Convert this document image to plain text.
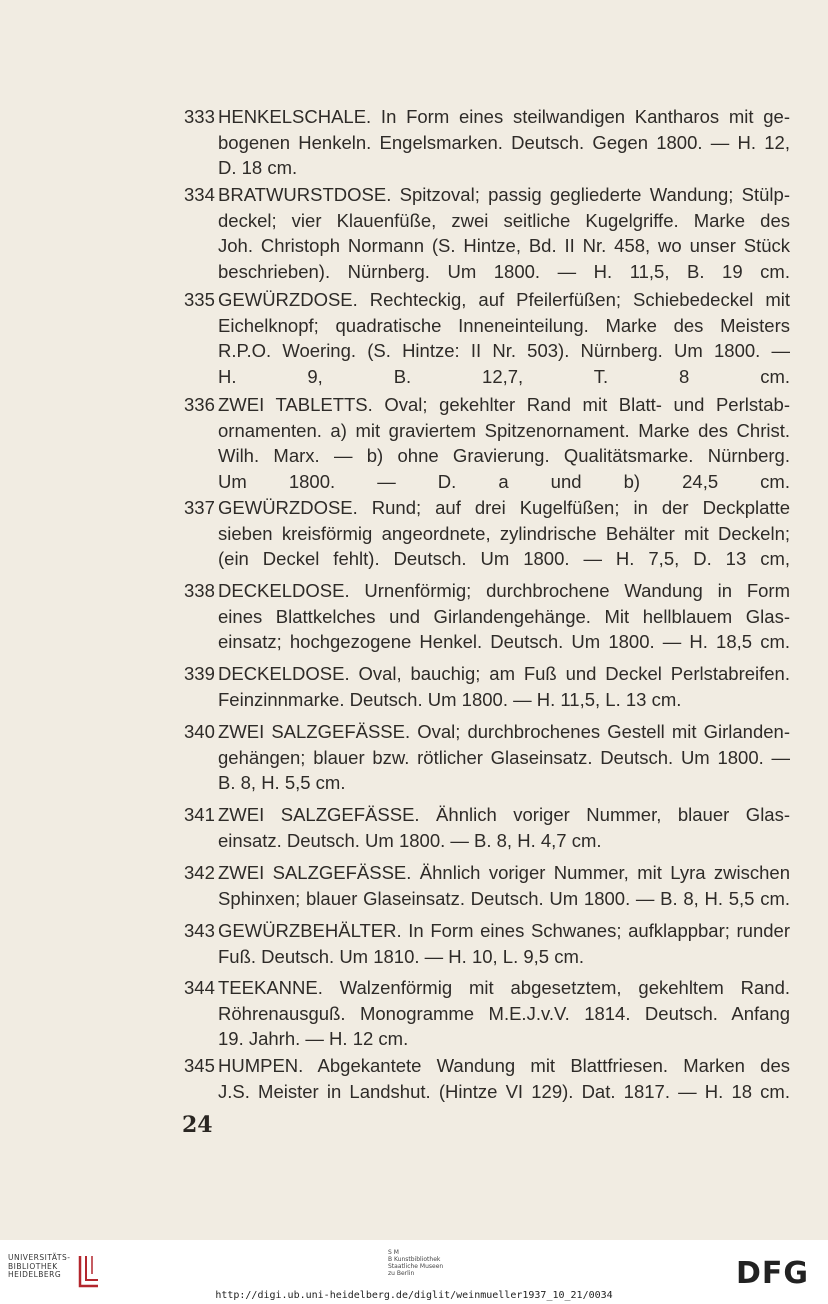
333 HENKELSCHALE. In Form eines steilwandigen Kantharos mit ge-
bogenen Henkeln. Engelsmarken. Deutsch. Gegen 1800. — H. 12,
D. 18 cm.
334 BRATWURSTDOSE. Spitzoval; passig gegliederte Wandung; Stülp-
deckel; vier Klauenfüße, zwei seitliche Kugelgriffe. Marke des
Joh. Christoph Normann (S. Hintze, Bd. II Nr. 458, wo unser Stück
beschrieben). Nürnberg. Um 1800. — H. 11,5, B. 19 cm.
335 GEWÜRZDOSE. Rechteckig, auf Pfeilerfüßen; Schiebedeckel mit
Eichelknopf; quadratische Inneneinteilung. Marke des Meisters
R.P.O. Woering. (S. Hintze: II Nr. 503). Nürnberg. Um 1800. —
H. 9, B. 12,7, T. 8 cm.
336 ZWEI TABLETTS. Oval; gekehlter Rand mit Blatt- und Perlstab-
ornamenten. a) mit graviertem Spitzenornament. Marke des Christ.
Wilh. Marx. — b) ohne Gravierung. Qualitätsmarke. Nürnberg.
Um 1800. — D. a und b) 24,5 cm.
337 GEWÜRZDOSE. Rund; auf drei Kugelfüßen; in der Deckplatte
sieben kreisförmig angeordnete, zylindrische Behälter mit Deckeln;
(ein Deckel fehlt). Deutsch. Um 1800. — H. 7,5, D. 13 cm,
338 DECKELDOSE. Urnenförmig; durchbrochene Wandung in Form
eines Blattkelches und Girlandengehänge. Mit hellblauem Glas-
einsatz; hochgezogene Henkel. Deutsch. Um 1800. — H. 18,5 cm.
339 DECKELDOSE. Oval, bauchig; am Fuß und Deckel Perlstabreifen.
Feinzinnmarke. Deutsch. Um 1800. — H. 11,5, L. 13 cm.
340 ZWEI SALZGEFÄSSE. Oval; durchbrochenes Gestell mit Girlanden-
gehängen; blauer bzw. rötlicher Glaseinsatz. Deutsch. Um 1800. —
B. 8, H. 5,5 cm.
341 ZWEI SALZGEFÄSSE. Ähnlich voriger Nummer, blauer Glas-
einsatz. Deutsch. Um 1800. — B. 8, H. 4,7 cm.
342 ZWEI SALZGEFÄSSE. Ähnlich voriger Nummer, mit Lyra zwischen
Sphinxen; blauer Glaseinsatz. Deutsch. Um 1800. — B. 8, H. 5,5 cm.
343 GEWÜRZBEHÄLTER. In Form eines Schwanes; aufklappbar; runder
Fuß. Deutsch. Um 1810. — H. 10, L. 9,5 cm.
344 TEEKANNE. Walzenförmig mit abgesetztem, gekehltem Rand.
Röhrenausguß. Monogramme M.E.J.v.V. 1814. Deutsch. Anfang
19. Jahrh. — H. 12 cm.
345 HUMPEN. Abgekantete Wandung mit Blattfriesen. Marken des
J.S. Meister in Landshut. (Hintze VI 129). Dat. 1817. — H. 18 cm.
24
UNIVERSITÄTS-
BIBLIOTHEK
HEIDELBERG
S M
B Kunstbibliothek
Staatliche Museen
zu Berlin	DFG
http://digi.ub.uni-heidelberg.de/diglit/weinmueller1937_10_21/0034
